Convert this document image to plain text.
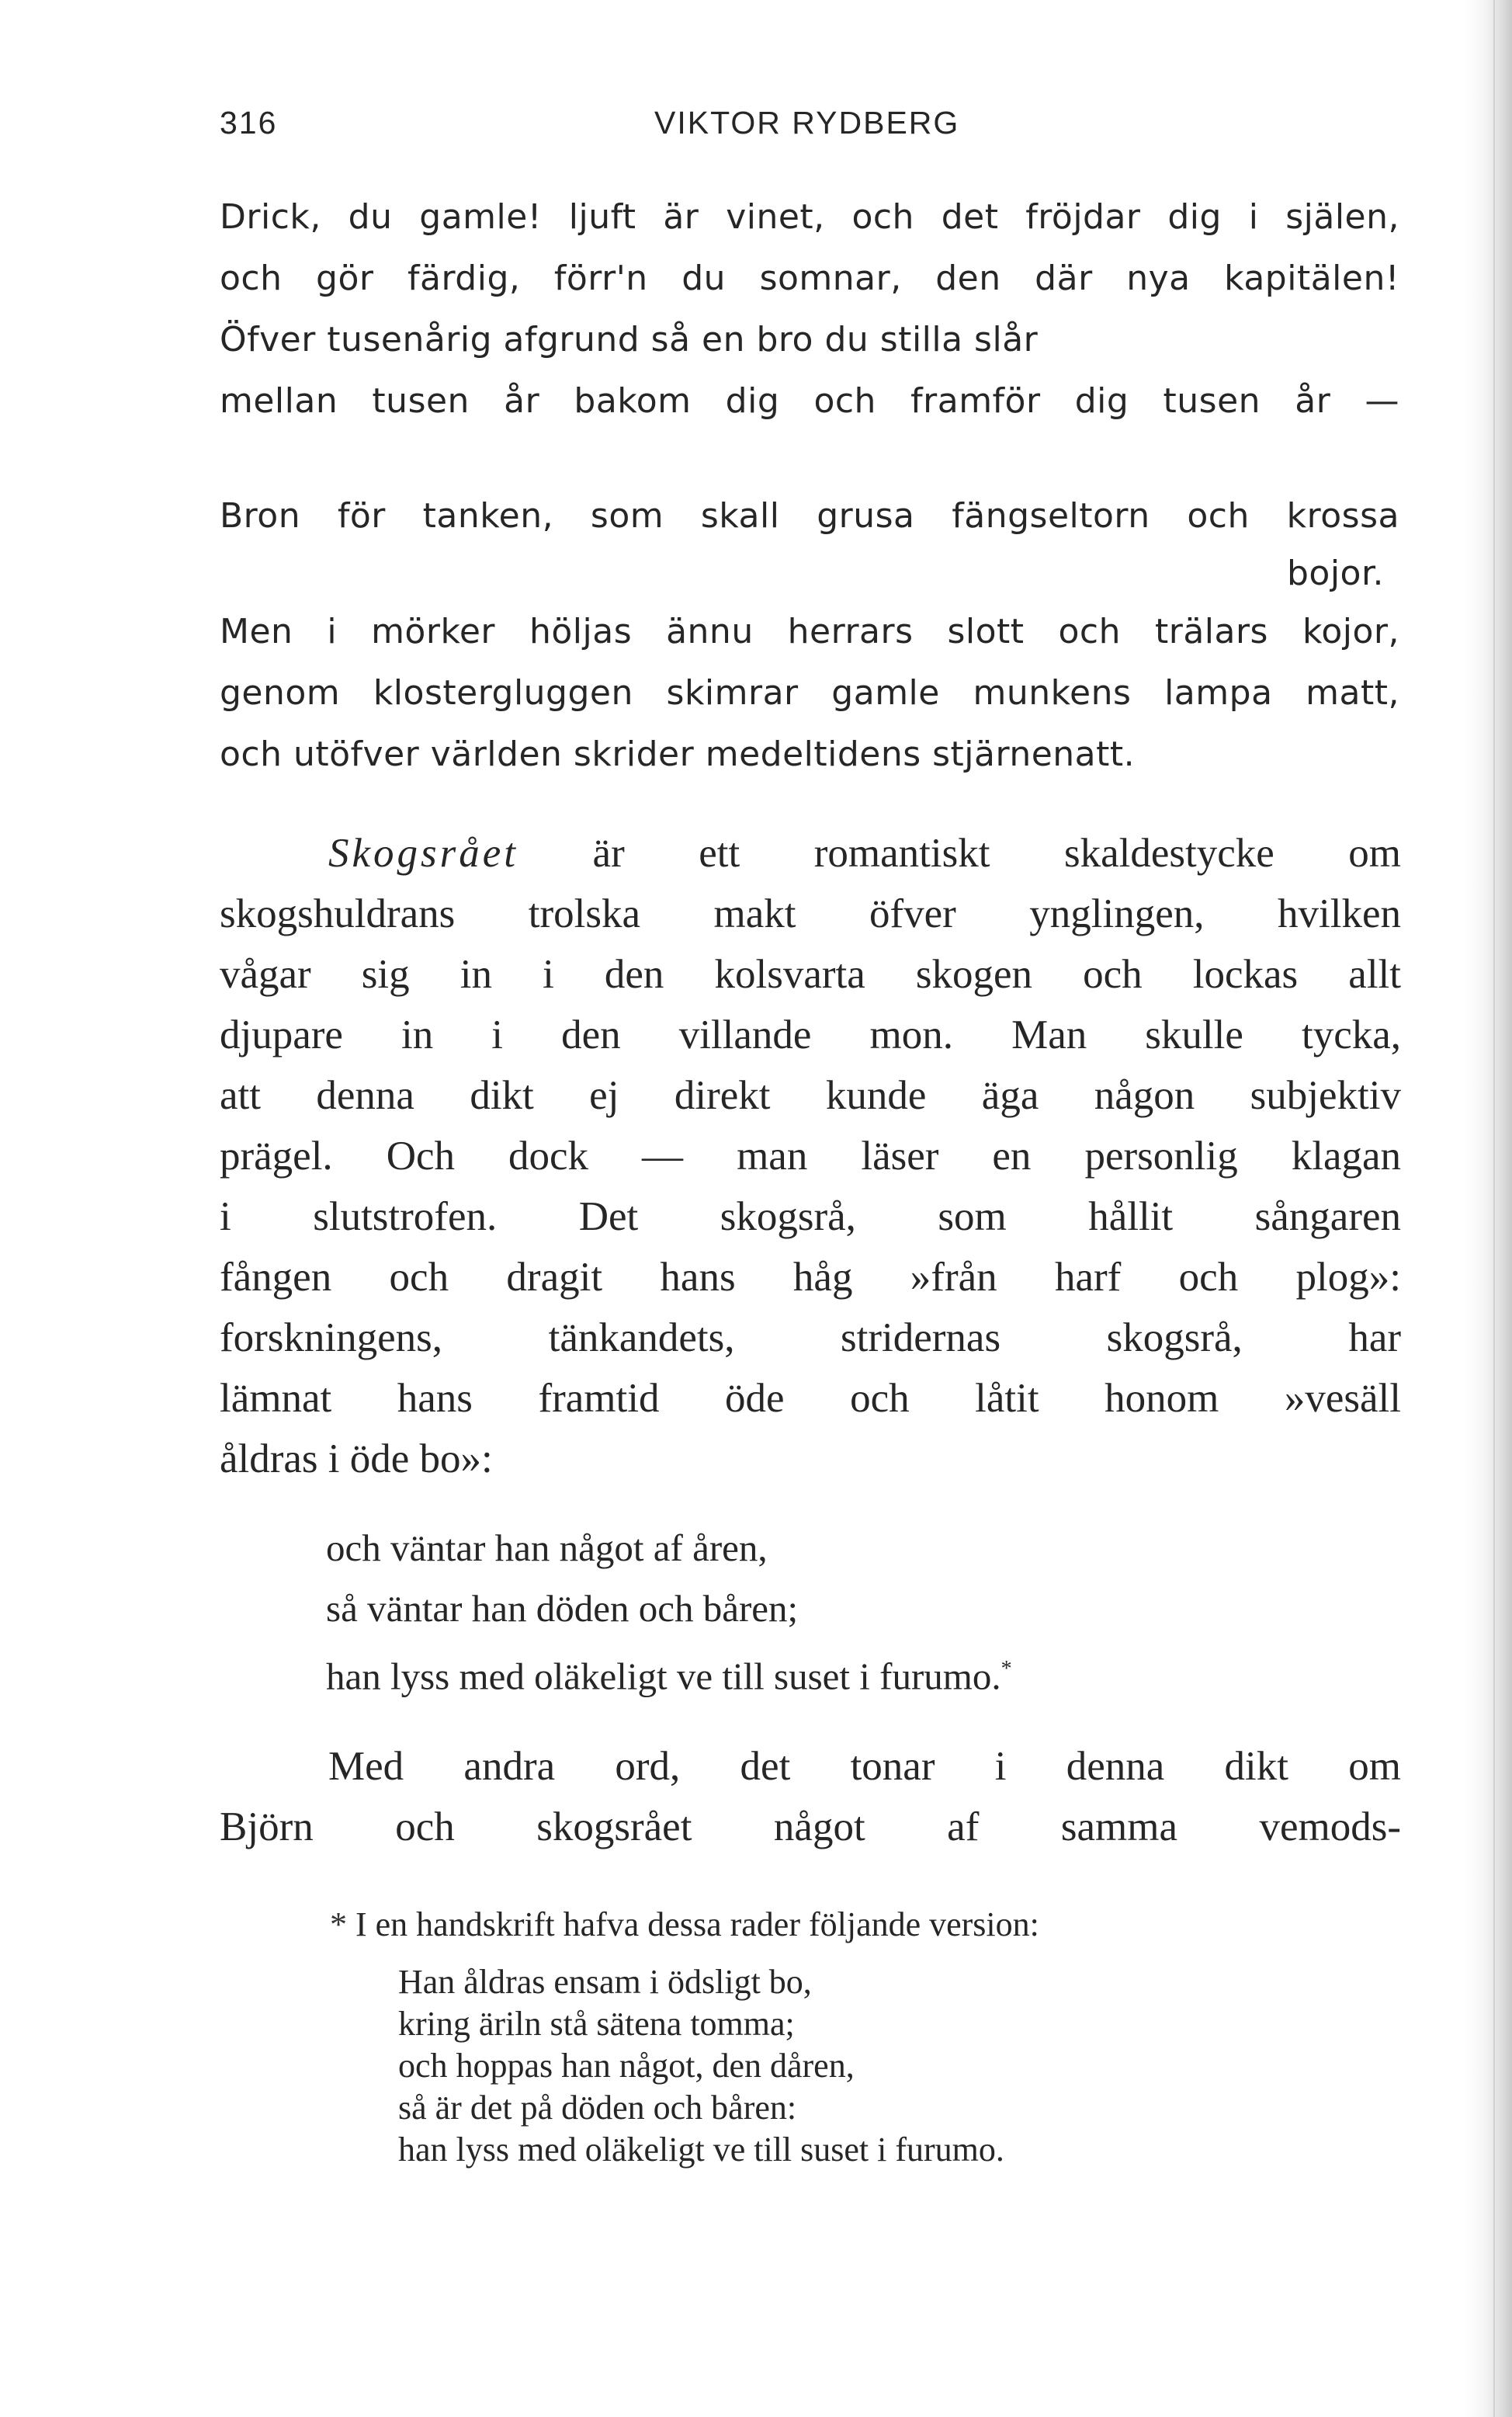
316	VIKTOR RYDBERG
Drick, du gamle! ljuft är vinet, och det fröjdar dig i själen,
och gör färdig, förr'n du somnar, den där nya kapitälen!
Öfver tusenårig afgrund så en bro du stilla slår
mellan tusen år bakom dig och framför dig tusen år —
Bron för tanken, som skall grusa fängseltorn och krossa
bojor.
Men i mörker höljas ännu herrars slott och trälars kojor,
genom klostergluggen skimrar gamle munkens lampa matt,
och utöfver världen skrider medeltidens stjärnenatt.
Skogsrået är ett romantiskt skaldestycke om
skogshuldrans trolska makt öfver ynglingen, hvilken
vågar sig in i den kolsvarta skogen och lockas allt
djupare in i den villande mon. Man skulle tycka,
att denna dikt ej direkt kunde äga någon subjektiv
prägel. Och dock — man läser en personlig klagan
i slutstrofen. Det skogsrå, som hållit sångaren
fången och dragit hans håg »från harf och plog»:
forskningens, tänkandets, stridernas skogsrå, har
lämnat hans framtid öde och låtit honom »vesäll
åldras i öde bo»:
och väntar han något af åren,
så väntar han döden och båren;
han lyss med oläkeligt ve till suset i furumo.*
Med andra ord, det tonar i denna dikt om
Björn och skogsrået något af samma vemods-
* I en handskrift hafva dessa rader följande version:
Han åldras ensam i ödsligt bo,
kring äriln stå sätena tomma;
och hoppas han något, den dåren,
så är det på döden och båren:
han lyss med oläkeligt ve till suset i furumo.
